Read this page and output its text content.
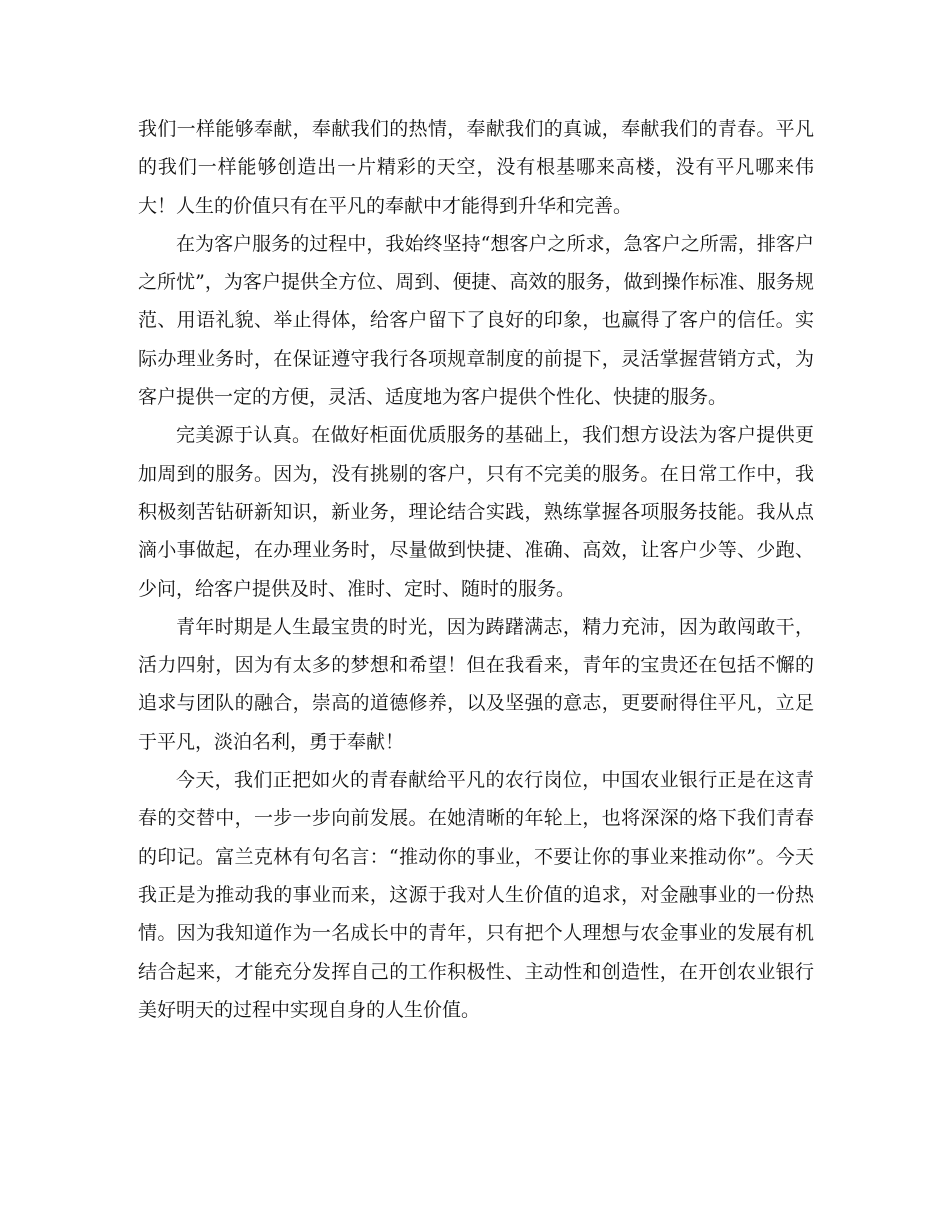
我们一样能够奉献，奉献我们的热情，奉献我们的真诚，奉献我们的青春。平凡的我们一样能够创造出一片精彩的天空，没有根基哪来高楼，没有平凡哪来伟大！人生的价值只有在平凡的奉献中才能得到升华和完善。

在为客户服务的过程中，我始终坚持“想客户之所求，急客户之所需，排客户之所忧”，为客户提供全方位、周到、便捷、高效的服务，做到操作标准、服务规范、用语礼貌、举止得体，给客户留下了良好的印象，也赢得了客户的信任。实际办理业务时，在保证遵守我行各项规章制度的前提下，灵活掌握营销方式，为客户提供一定的方便，灵活、适度地为客户提供个性化、快捷的服务。

完美源于认真。在做好柜面优质服务的基础上，我们想方设法为客户提供更加周到的服务。因为，没有挑剔的客户，只有不完美的服务。在日常工作中，我积极刻苦钻研新知识，新业务，理论结合实践，熟练掌握各项服务技能。我从点滴小事做起，在办理业务时，尽量做到快捷、准确、高效，让客户少等、少跑、少问，给客户提供及时、准时、定时、随时的服务。

青年时期是人生最宝贵的时光，因为踌躇满志，精力充沛，因为敢闯敢干，活力四射，因为有太多的梦想和希望！但在我看来，青年的宝贵还在包括不懈的追求与团队的融合，崇高的道德修养，以及坚强的意志，更要耐得住平凡，立足于平凡，淡泊名利，勇于奉献！

今天，我们正把如火的青春献给平凡的农行岗位，中国农业银行正是在这青春的交替中，一步一步向前发展。在她清晰的年轮上，也将深深的烙下我们青春的印记。富兰克林有句名言：“推动你的事业，不要让你的事业来推动你”。今天我正是为推动我的事业而来，这源于我对人生价值的追求，对金融事业的一份热情。因为我知道作为一名成长中的青年，只有把个人理想与农金事业的发展有机结合起来，才能充分发挥自己的工作积极性、主动性和创造性，在开创农业银行美好明天的过程中实现自身的人生价值。
